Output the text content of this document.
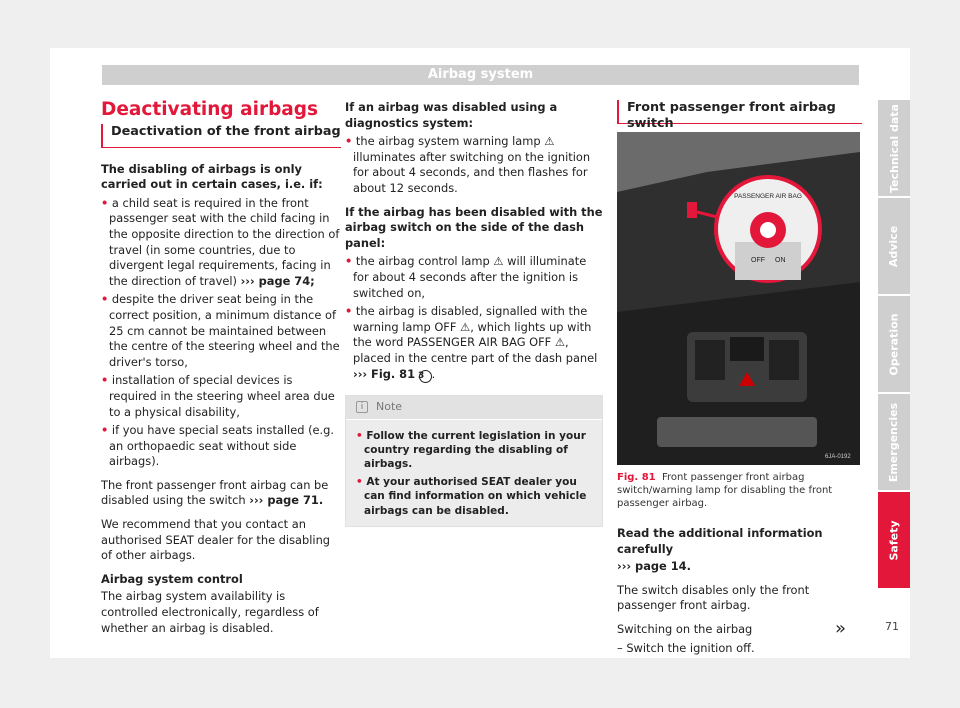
Airbag system
Deactivating airbags
Deactivation of the front airbag

The disabling of airbags is only carried out in certain cases, i.e. if:

• a child seat is required in the front passenger seat with the child facing in the opposite direction to the direction of travel (in some countries, due to divergent legal requirements, facing in the direction of travel) ››› page 74;
• despite the driver seat being in the correct position, a minimum distance of 25 cm cannot be maintained between the centre of the steering wheel and the driver's torso,
• installation of special devices is required in the steering wheel area due to a physical disability,
• if you have special seats installed (e.g. an orthopaedic seat without side airbags).

The front passenger front airbag can be disabled using the switch ››› page 71.

We recommend that you contact an authorised SEAT dealer for the disabling of other airbags.

Airbag system control

The airbag system availability is controlled electronically, regardless of whether an airbag is disabled.

If an airbag was disabled using a diagnostics system:

• the airbag system warning lamp ⚠ illuminates after switching on the ignition for about 4 seconds, and then flashes for about 12 seconds.

If the airbag has been disabled with the airbag switch on the side of the dash panel:

• the airbag control lamp ⚠ will illuminate for about 4 seconds after the ignition is switched on,
• the airbag is disabled, signalled with the warning lamp OFF ⚠, which lights up with the word PASSENGER AIR BAG OFF ⚠, placed in the centre part of the dash panel ››› Fig. 81 3 .
i	Note
• Follow the current legislation in your country regarding the disabling of airbags.
• At your authorised SEAT dealer you can find information on which vehicle airbags can be disabled.
Front passenger front airbag switch
PASSENGER AIR BAG
OFF ON
6JA-0192
Fig. 81 Front passenger front airbag switch/warning lamp for disabling the front passenger airbag.

Read the additional information carefully

››› page 14.

The switch disables only the front passenger front airbag.

Switching on the airbag

– Switch the ignition off.

Technical data
Advice
Operation
Emergencies
Safety
»	71
